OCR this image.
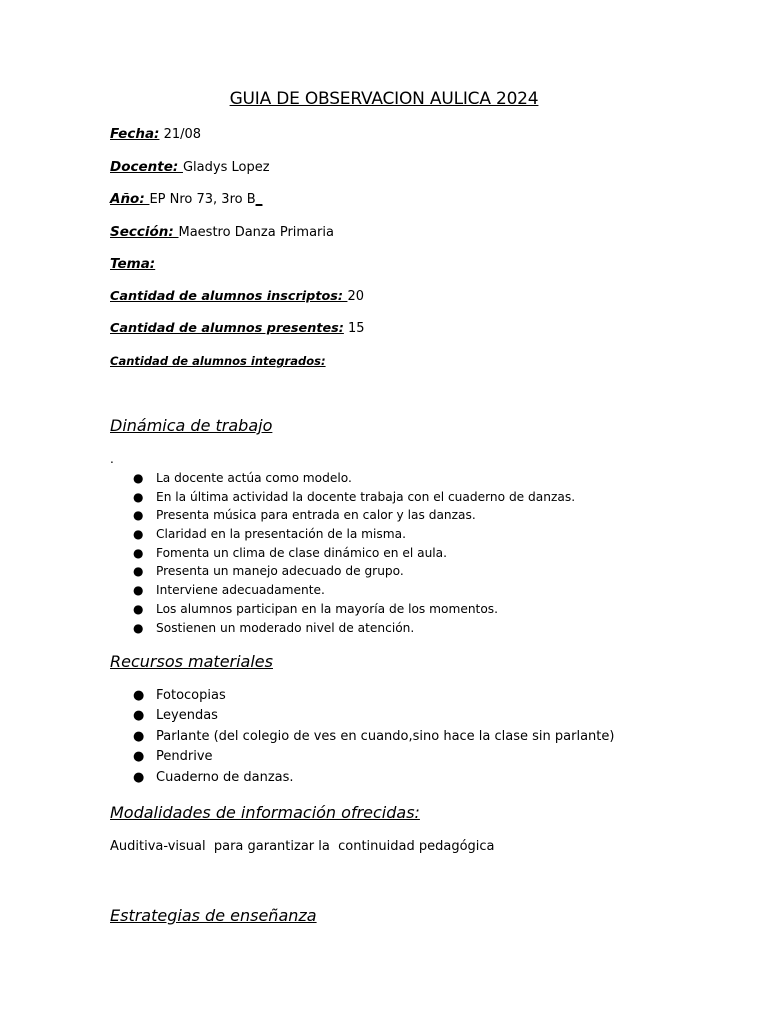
GUIA DE OBSERVACION AULICA 2024
Fecha: 21/08
Docente: Gladys Lopez
Año: EP Nro 73, 3ro B_
Sección: Maestro Danza Primaria
Tema:
Cantidad de alumnos inscriptos: 20
Cantidad de alumnos presentes: 15
Cantidad de alumnos integrados:
Dinámica de trabajo
.
● La docente actúa como modelo.
● En la última actividad la docente trabaja con el cuaderno de danzas.
● Presenta música para entrada en calor y las danzas.
● Claridad en la presentación de la misma.
● Fomenta un clima de clase dinámico en el aula.
● Presenta un manejo adecuado de grupo.
● Interviene adecuadamente.
● Los alumnos participan en la mayoría de los momentos.
● Sostienen un moderado nivel de atención.
Recursos materiales
● Fotocopias
● Leyendas
● Parlante (del colegio de ves en cuando,sino hace la clase sin parlante)
● Pendrive
● Cuaderno de danzas.
Modalidades de información ofrecidas:
Auditiva-visual  para garantizar la  continuidad pedagógica
Estrategias de enseñanza
